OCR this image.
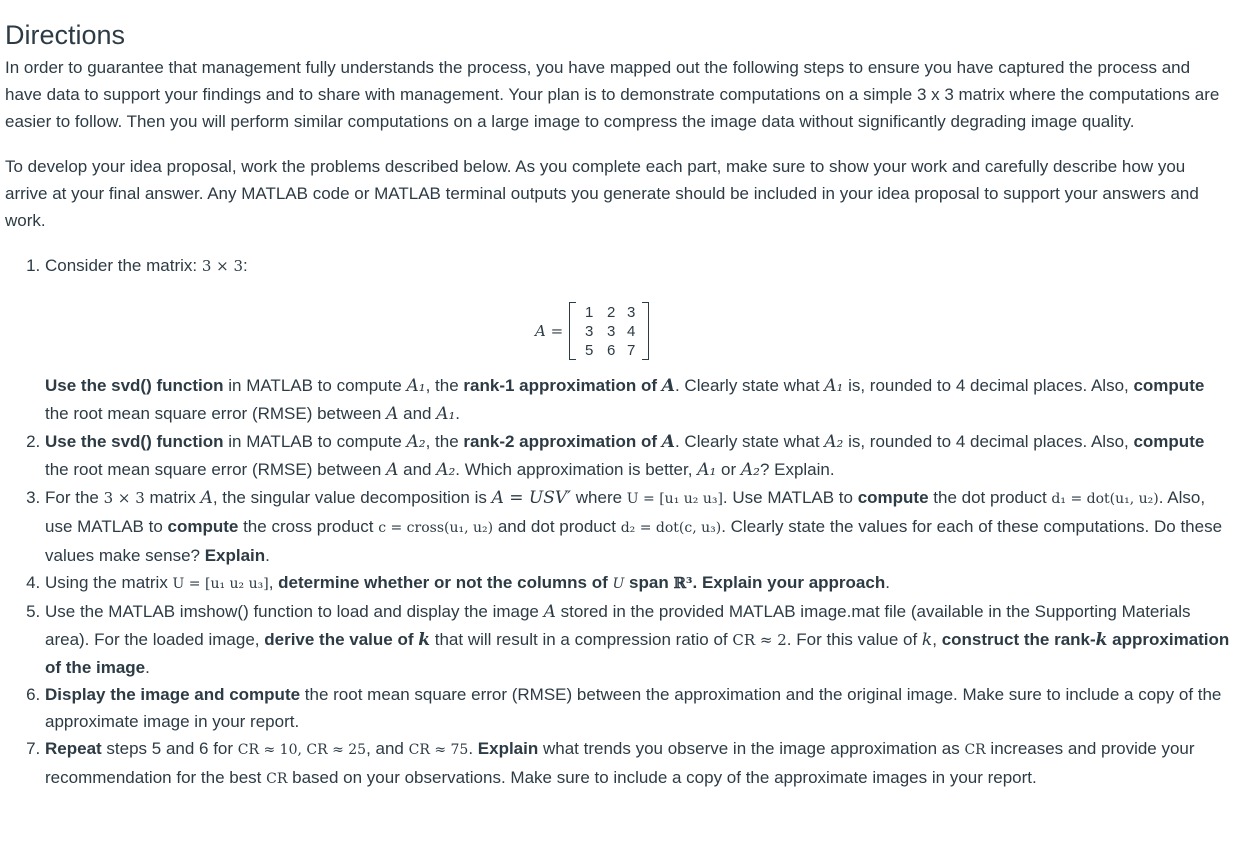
Directions

In order to guarantee that management fully understands the process, you have mapped out the following steps to ensure you have captured the process and have data to support your findings and to share with management. Your plan is to demonstrate computations on a simple 3 x 3 matrix where the computations are easier to follow. Then you will perform similar computations on a large image to compress the image data without significantly degrading image quality.

To develop your idea proposal, work the problems described below. As you complete each part, make sure to show your work and carefully describe how you arrive at your final answer. Any MATLAB code or MATLAB terminal outputs you generate should be included in your idea proposal to support your answers and work.

1. Consider the matrix: 3 × 3:
A =
1 2 3
3 3 4
5 6 7
Use the svd() function in MATLAB to compute A₁, the rank-1 approximation of A. Clearly state what A₁ is, rounded to 4 decimal places. Also, compute the root mean square error (RMSE) between A and A₁.
2. Use the svd() function in MATLAB to compute A₂, the rank-2 approximation of A. Clearly state what A₂ is, rounded to 4 decimal places. Also, compute the root mean square error (RMSE) between A and A₂. Which approximation is better, A₁ or A₂? Explain.
3. For the 3 × 3 matrix A, the singular value decomposition is A = USV′ where U = [u₁ u₂ u₃]. Use MATLAB to compute the dot product d₁ = dot(u₁, u₂). Also, use MATLAB to compute the cross product c = cross(u₁, u₂) and dot product d₂ = dot(c, u₃). Clearly state the values for each of these computations. Do these values make sense? Explain.
4. Using the matrix U = [u₁ u₂ u₃], determine whether or not the columns of U span ℝ³. Explain your approach.
5. Use the MATLAB imshow() function to load and display the image A stored in the provided MATLAB image.mat file (available in the Supporting Materials area). For the loaded image, derive the value of k that will result in a compression ratio of CR ≈ 2. For this value of k, construct the rank-k approximation of the image.
6. Display the image and compute the root mean square error (RMSE) between the approximation and the original image. Make sure to include a copy of the approximate image in your report.
7. Repeat steps 5 and 6 for CR ≈ 10, CR ≈ 25, and CR ≈ 75. Explain what trends you observe in the image approximation as CR increases and provide your recommendation for the best CR based on your observations. Make sure to include a copy of the approximate images in your report.
